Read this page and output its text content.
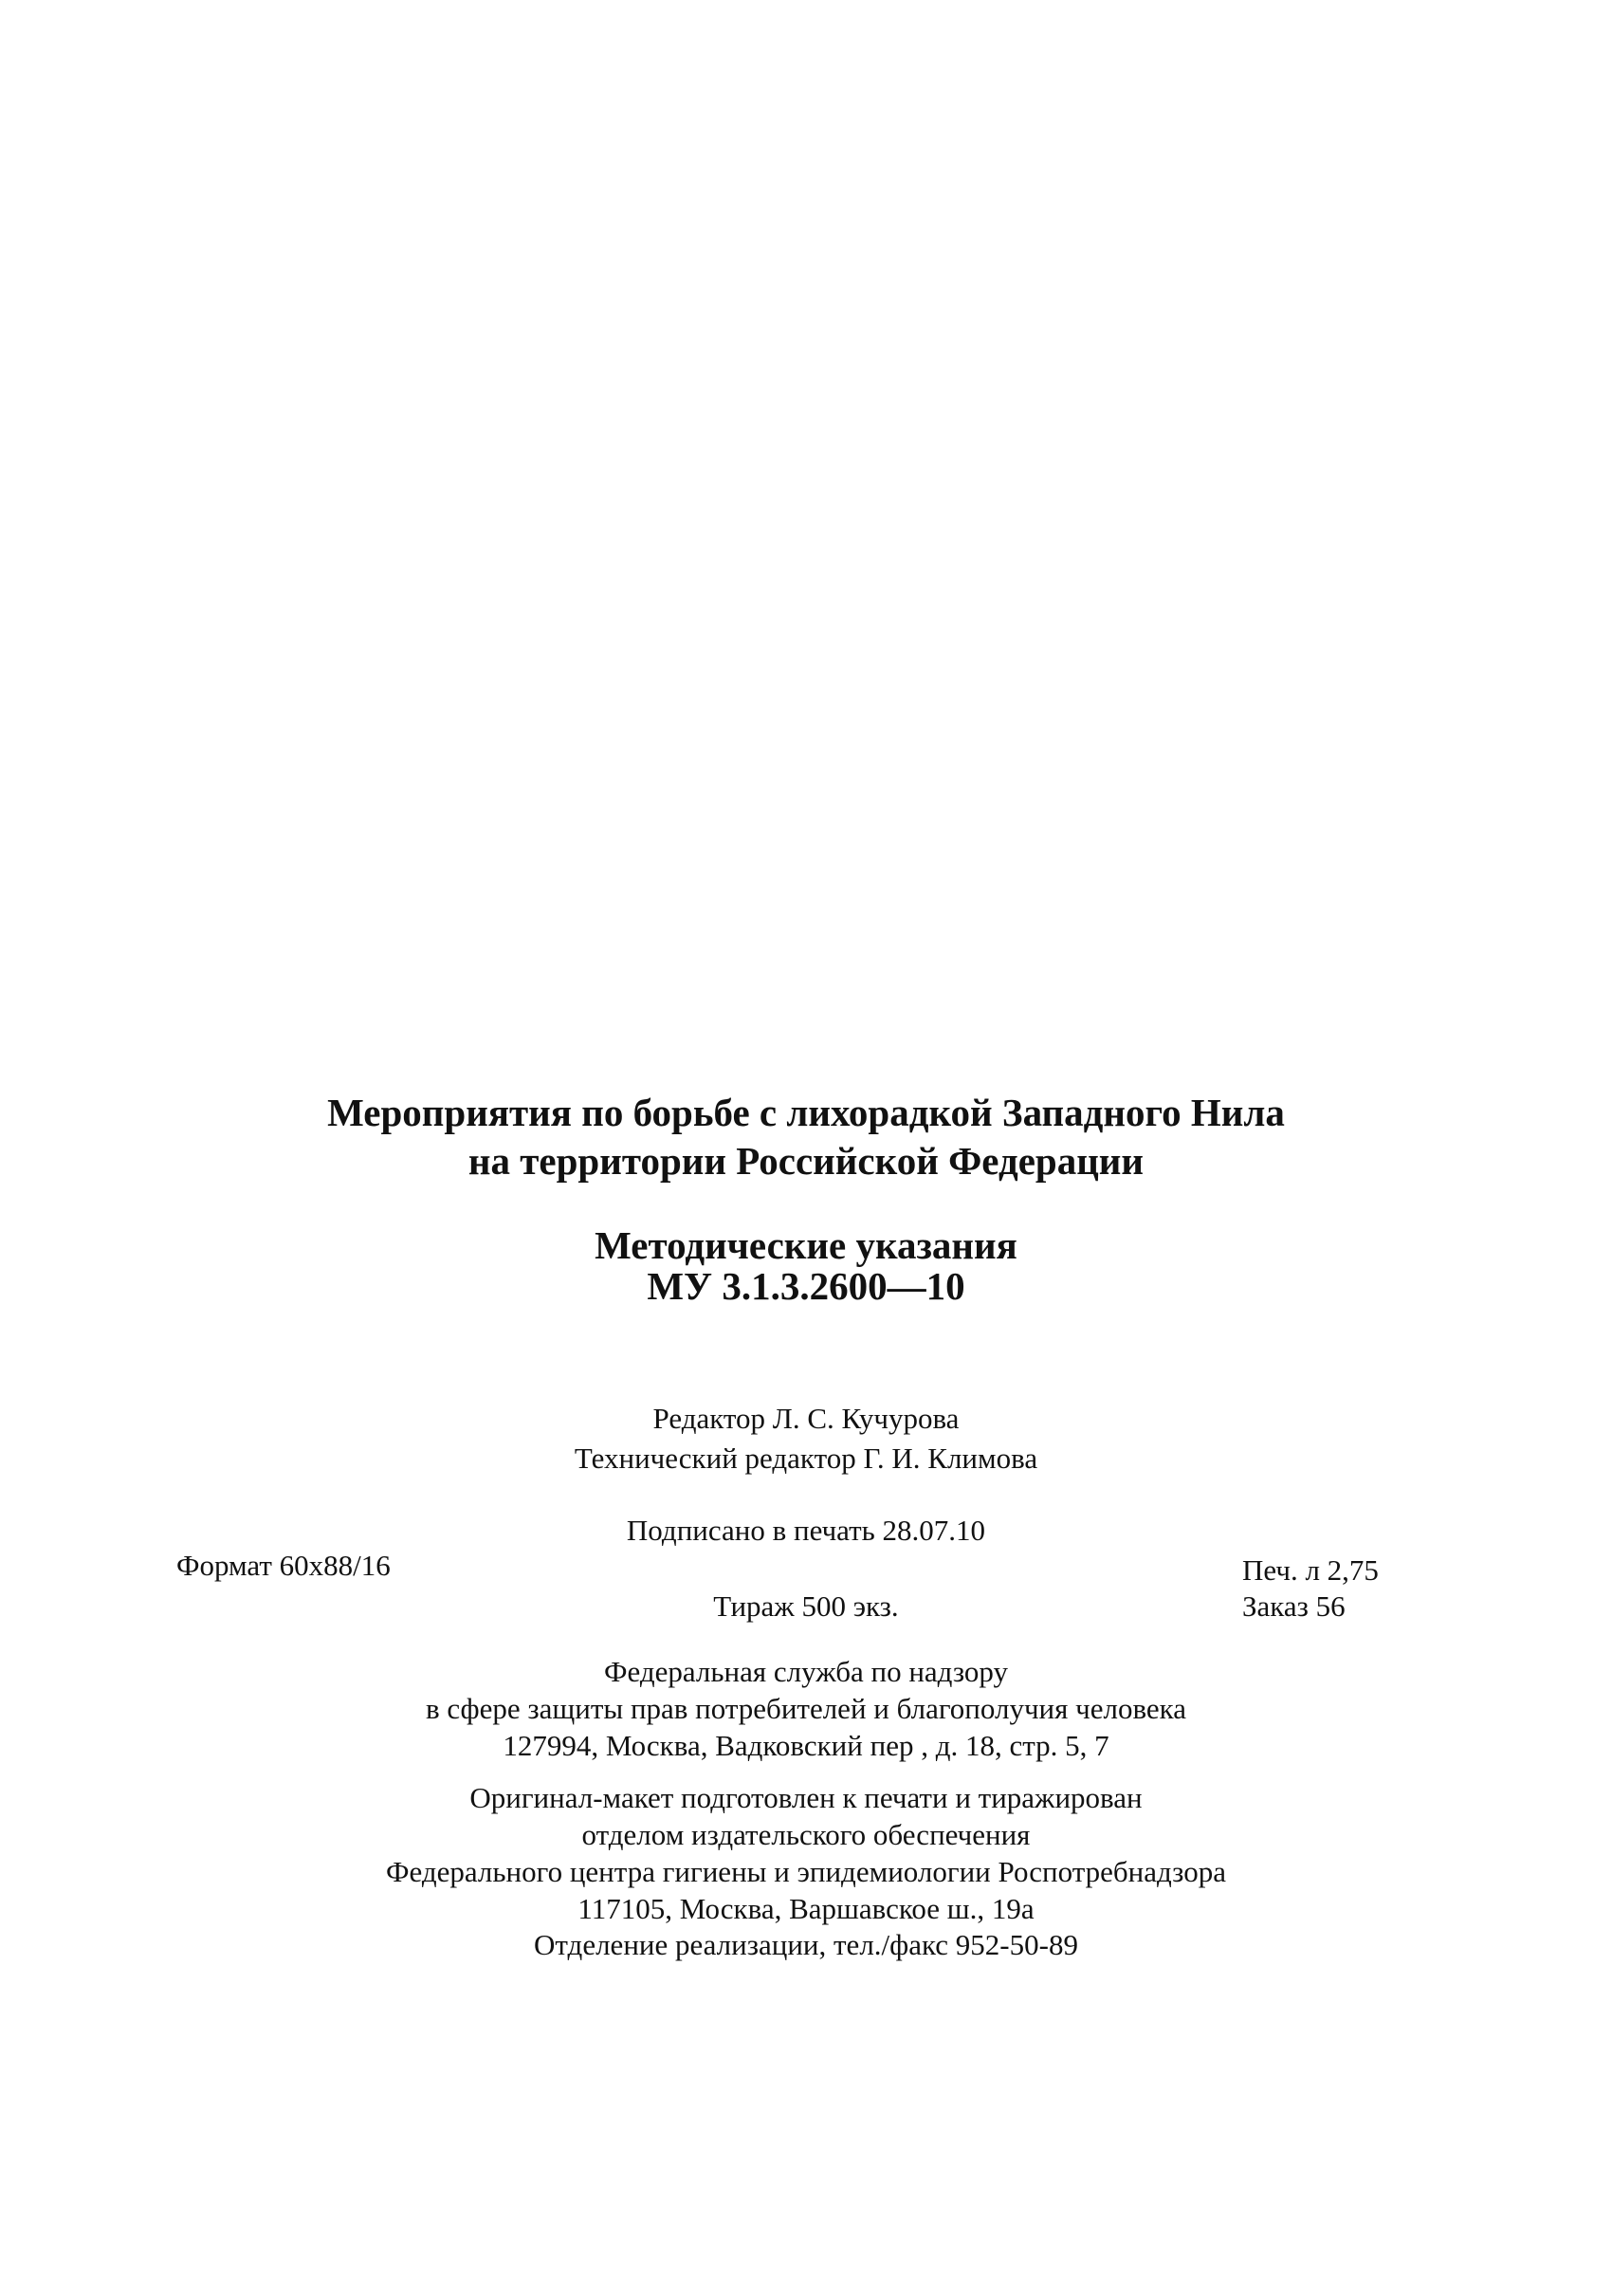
Мероприятия по борьбе с лихорадкой Западного Нила
на территории Российской Федерации
Методические указания
МУ 3.1.3.2600—10
Редактор Л. С. Кучурова
Технический редактор Г. И. Климова
Подписано в печать 28.07.10
Формат 60х88/16	Печ. л 2,75
Тираж 500 экз.	Заказ 56
Федеральная служба по надзору
в сфере защиты прав потребителей и благополучия человека
127994, Москва, Вадковский пер , д. 18, стр. 5, 7
Оригинал-макет подготовлен к печати и тиражирован
отделом издательского обеспечения
Федерального центра гигиены и эпидемиологии Роспотребнадзора
117105, Москва, Варшавское ш., 19а
Отделение реализации, тел./факс 952-50-89
